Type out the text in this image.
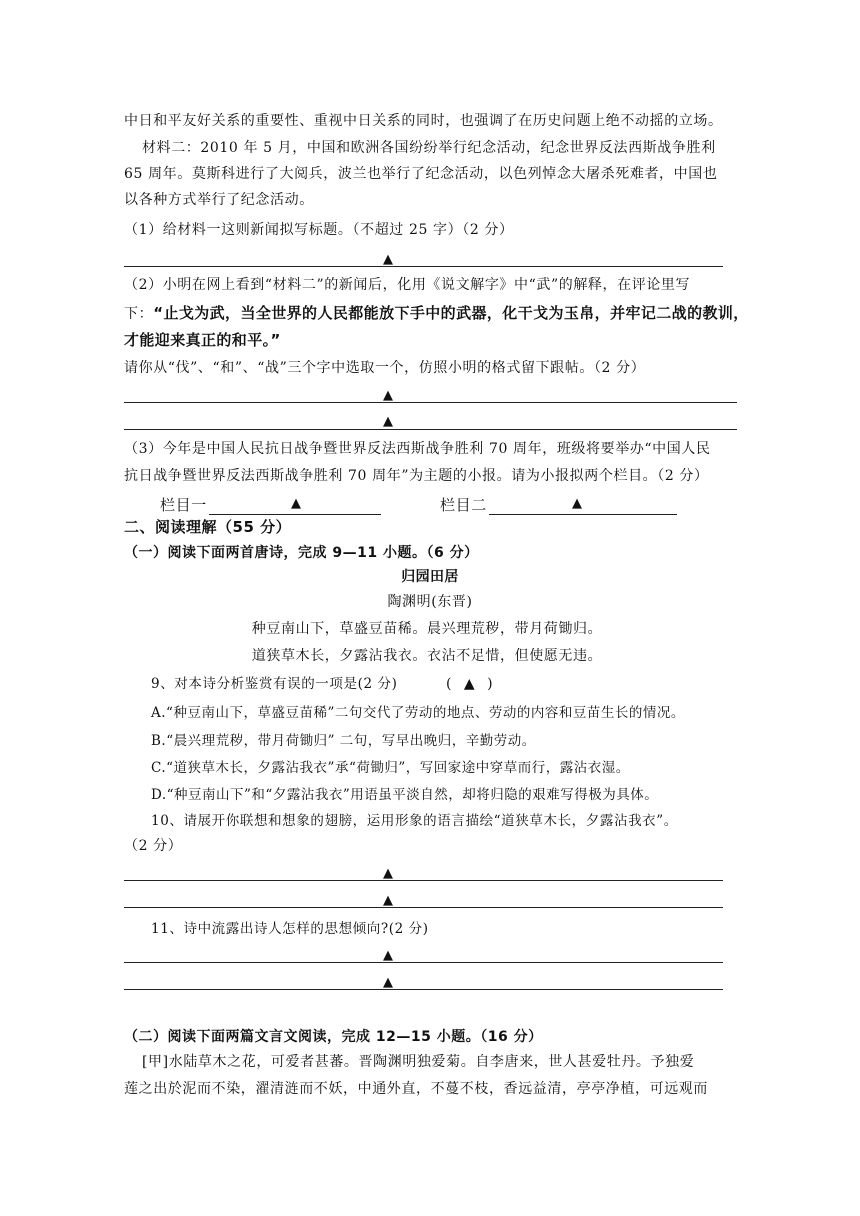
中日和平友好关系的重要性、重视中日关系的同时，也强调了在历史问题上绝不动摇的立场。
材料二：2010 年 5 月，中国和欧洲各国纷纷举行纪念活动，纪念世界反法西斯战争胜利
65 周年。莫斯科进行了大阅兵，波兰也举行了纪念活动，以色列悼念大屠杀死难者，中国也
以各种方式举行了纪念活动。
（1）给材料一这则新闻拟写标题。（不超过 25 字）（2 分）
▲
（2）小明在网上看到“材料二”的新闻后，化用《说文解字》中“武”的解释，在评论里写
下：“止戈为武，当全世界的人民都能放下手中的武器，化干戈为玉帛，并牢记二战的教训，
才能迎来真正的和平。”
请你从“伐”、“和”、“战”三个字中选取一个，仿照小明的格式留下跟帖。（2 分）
▲
▲
（3）今年是中国人民抗日战争暨世界反法西斯战争胜利 70 周年，班级将要举办“中国人民
抗日战争暨世界反法西斯战争胜利 70 周年”为主题的小报。请为小报拟两个栏目。（2 分）
栏目一	▲	栏目二	▲
二、阅读理解（55 分）
（一）阅读下面两首唐诗，完成 9—11 小题。（6 分）
归园田居
陶渊明(东晋)
种豆南山下，草盛豆苗稀。晨兴理荒秽，带月荷锄归。
道狭草木长，夕露沾我衣。衣沾不足惜，但使愿无违。
9、对本诗分析鉴赏有误的一项是(2 分)	( ▲ )
A.“种豆南山下，草盛豆苗稀”二句交代了劳动的地点、劳动的内容和豆苗生长的情况。
B.“晨兴理荒秽，带月荷锄归” 二句，写早出晚归，辛勤劳动。
C.“道狭草木长，夕露沾我衣”承“荷锄归”，写回家途中穿草而行，露沾衣湿。
D.“种豆南山下”和“夕露沾我衣”用语虽平淡自然，却将归隐的艰难写得极为具体。
10、请展开你联想和想象的翅膀，运用形象的语言描绘“道狭草木长，夕露沾我衣”。
（2 分）
▲
▲
11、诗中流露出诗人怎样的思想倾向?(2 分)
▲
▲
（二）阅读下面两篇文言文阅读，完成 12—15 小题。（16 分）
[甲]水陆草木之花，可爱者甚蕃。晋陶渊明独爱菊。自李唐来，世人甚爱牡丹。予独爱
莲之出於泥而不染，濯清涟而不妖，中通外直，不蔓不枝，香远益清，亭亭净植，可远观而
